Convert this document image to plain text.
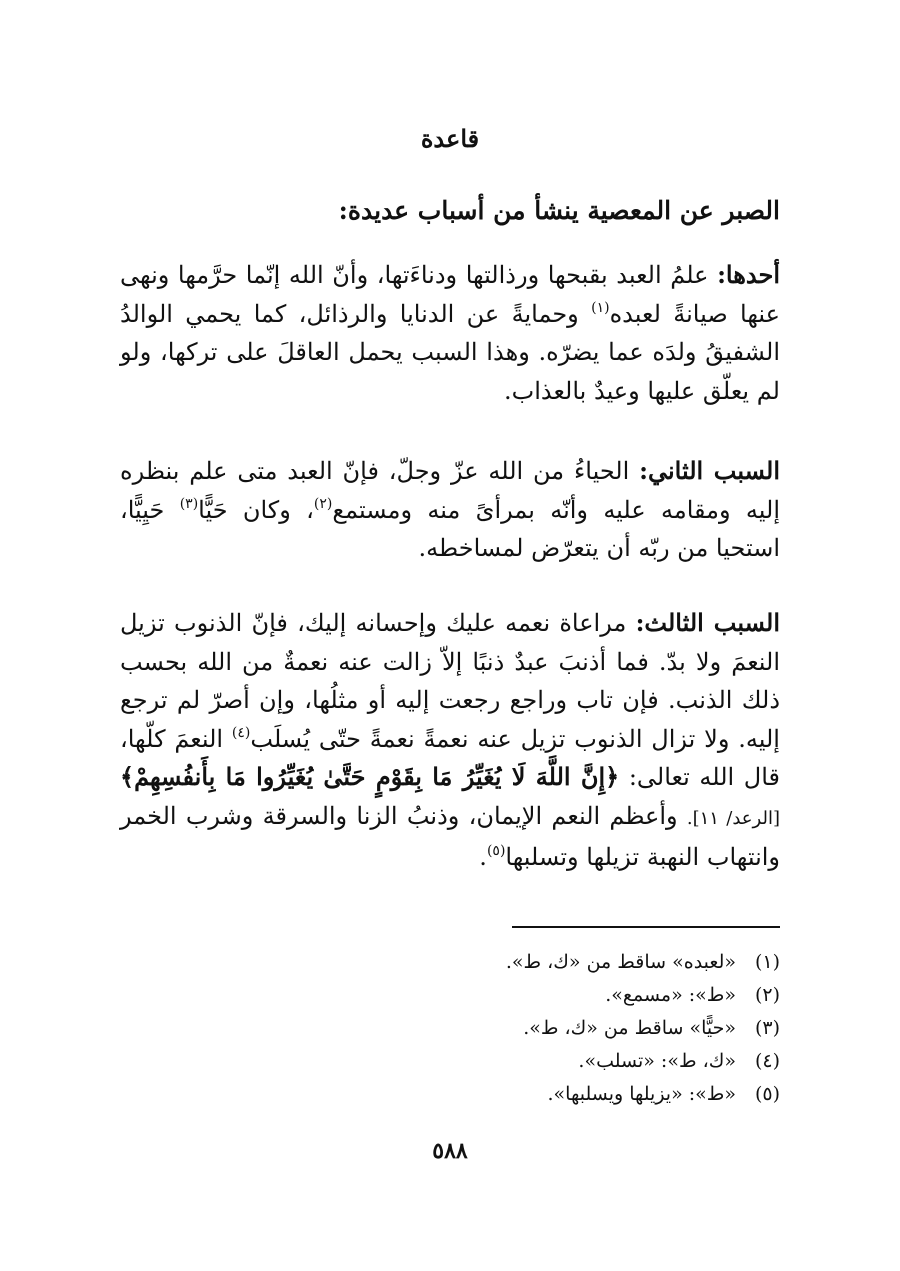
قاعدة
الصبر عن المعصية ينشأ من أسباب عديدة:

أحدها: علمُ العبد بقبحها ورذالتها ودناءَتها، وأنّ الله إنّما حرَّمها ونهى عنها صيانةً لعبده$^{(١)}$ وحمايةً عن الدنايا والرذائل، كما يحمي الوالدُ الشفيقُ ولدَه عما يضرّه. وهذا السبب يحمل العاقلَ على تركها، ولو لم يعلّق عليها وعيدٌ بالعذاب.

السبب الثاني: الحياءُ من الله عزّ وجلّ، فإنّ العبد متى علم بنظره إليه ومقامه عليه وأنّه بمرأىً منه ومستمع$^{(٢)}$، وكان حَيًّا$^{(٣)}$ حَيِيًّا، استحيا من ربّه أن يتعرّض لمساخطه.

السبب الثالث: مراعاة نعمه عليك وإحسانه إليك، فإنّ الذنوب تزيل النعمَ ولا بدّ. فما أذنبَ عبدٌ ذنبًا إلاّ زالت عنه نعمةٌ من الله بحسب ذلك الذنب. فإن تاب وراجع رجعت إليه أو مثلُها، وإن أصرّ لم ترجع إليه. ولا تزال الذنوب تزيل عنه نعمةً نعمةً حتّى يُسلَب$^{(٤)}$ النعمَ كلّها، قال الله تعالى: ﴿إِنَّ اللَّهَ لَا يُغَيِّرُ مَا بِقَوْمٍ حَتَّىٰ يُغَيِّرُوا مَا بِأَنفُسِهِمْ﴾[الرعد/ ١١]. وأعظم النعم الإيمان، وذنبُ الزنا والسرقة وشرب الخمر وانتهاب النهبة تزيلها وتسلبها$^{(٥)}$.

(١)«لعبده» ساقط من «ك، ط».
(٢)«ط»: «مسمع».
(٣)«حيًّا» ساقط من «ك، ط».
(٤)«ك، ط»: «تسلب».
(٥)«ط»: «يزيلها ويسلبها».
٥٨٨
